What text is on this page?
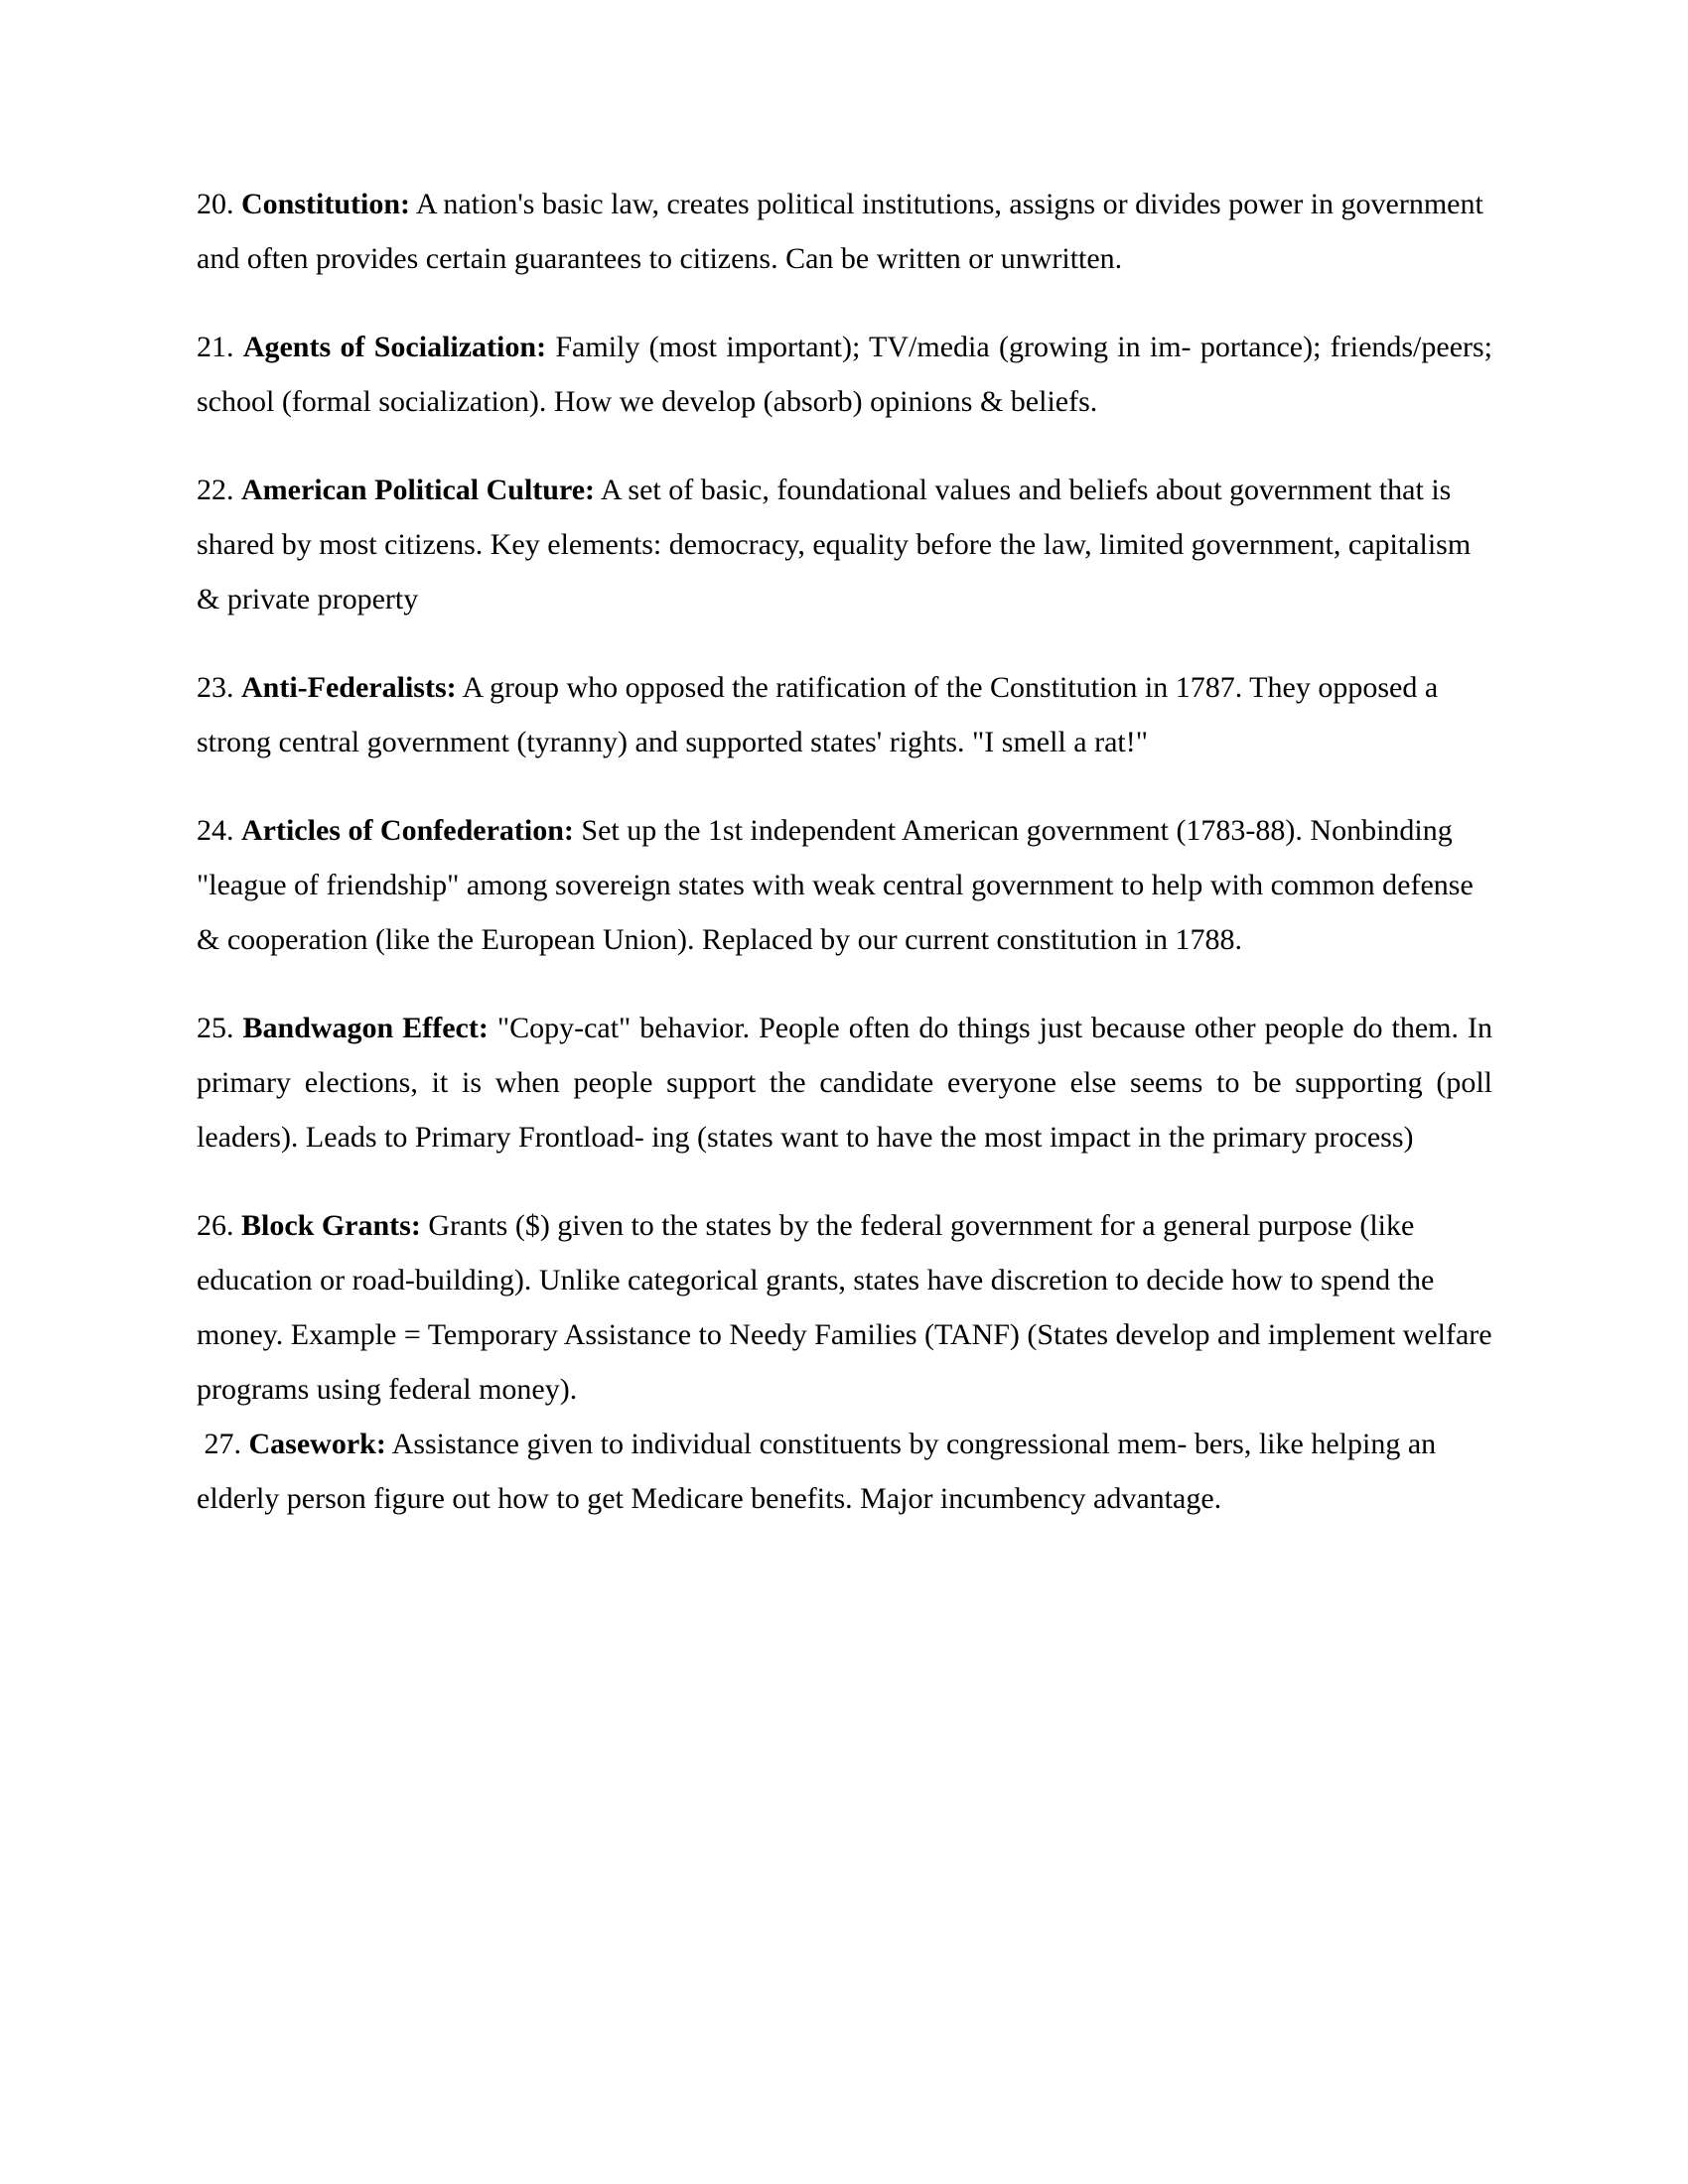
20. Constitution: A nation's basic law, creates political institutions, assigns or divides power in government and often provides certain guarantees to citizens. Can be written or unwritten.

21. Agents of Socialization: Family (most important); TV/media (growing in im- portance); friends/peers; school (formal socialization). How we develop (absorb) opinions & beliefs.

22. American Political Culture: A set of basic, foundational values and beliefs about government that is shared by most citizens. Key elements: democracy, equality before the law, limited government, capitalism & private property

23. Anti-Federalists: A group who opposed the ratification of the Constitution in 1787. They opposed a strong central government (tyranny) and supported states' rights. "I smell a rat!"

24. Articles of Confederation: Set up the 1st independent American government (1783-88). Nonbinding "league of friendship" among sovereign states with weak central government to help with common defense & cooperation (like the European Union). Replaced by our current constitution in 1788.

25. Bandwagon Effect: "Copy-cat" behavior. People often do things just because other people do them. In primary elections, it is when people support the candidate everyone else seems to be supporting (poll leaders). Leads to Primary Frontload- ing (states want to have the most impact in the primary process)

26. Block Grants: Grants ($) given to the states by the federal government for a general purpose (like education or road-building). Unlike categorical grants, states have discretion to decide how to spend the money. Example = Temporary Assistance to Needy Families (TANF) (States develop and implement welfare programs using federal money).

27. Casework: Assistance given to individual constituents by congressional mem- bers, like helping an elderly person figure out how to get Medicare benefits. Major incumbency advantage.
